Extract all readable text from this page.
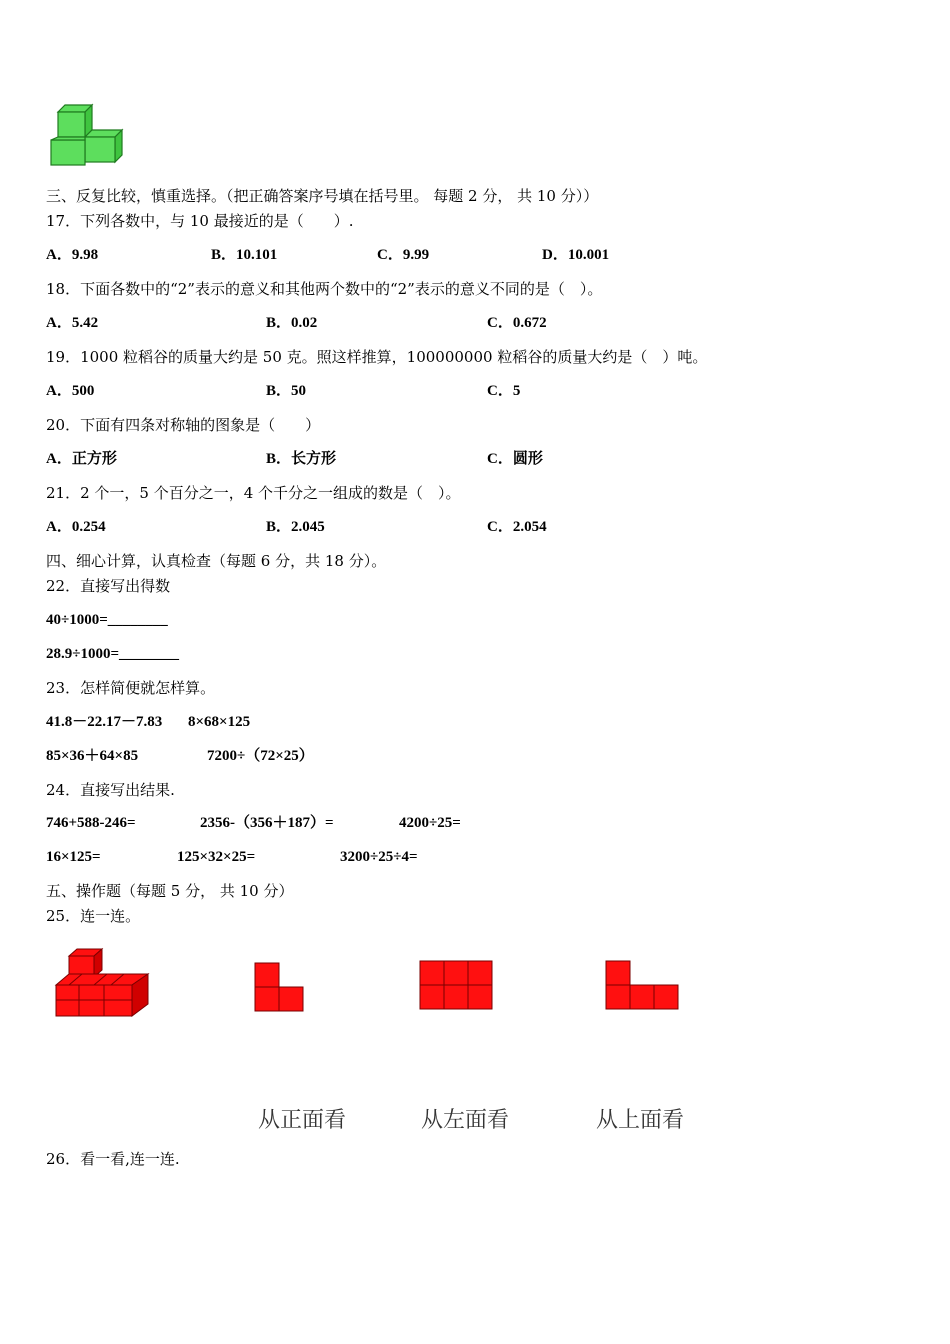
三、反复比较，慎重选择。（把正确答案序号填在括号里。 每题 2 分， 共 10 分））
17．下列各数中，与 10 最接近的是（　　）.
A．9.98	B．10.101	C．9.99	D．10.001
18．下面各数中的“2”表示的意义和其他两个数中的“2”表示的意义不同的是（　）。
A．5.42	B．0.02	C．0.672
19．1000 粒稻谷的质量大约是 50 克。照这样推算，100000000 粒稻谷的质量大约是（　）吨。
A．500	B．50	C．5
20．下面有四条对称轴的图象是（　　）
A．正方形	B．长方形	C．圆形
21．2 个一，5 个百分之一，4 个千分之一组成的数是（　）。
A．0.254	B．2.045	C．2.054
四、细心计算，认真检查（每题 6 分，共 18 分）。
22．直接写出得数
40÷1000=________
28.9÷1000=________
23．怎样简便就怎样算。
41.8－22.17－7.83 8×68×125
85×36＋64×85	7200÷（72×25）
24．直接写出结果.
746+588-246=	2356-（356＋187）=	4200÷25=
16×125=	125×32×25=	3200÷25÷4=
五、操作题（每题 5 分， 共 10 分）
25．连一连。
从正面看	从左面看	从上面看
26．看一看,连一连.
